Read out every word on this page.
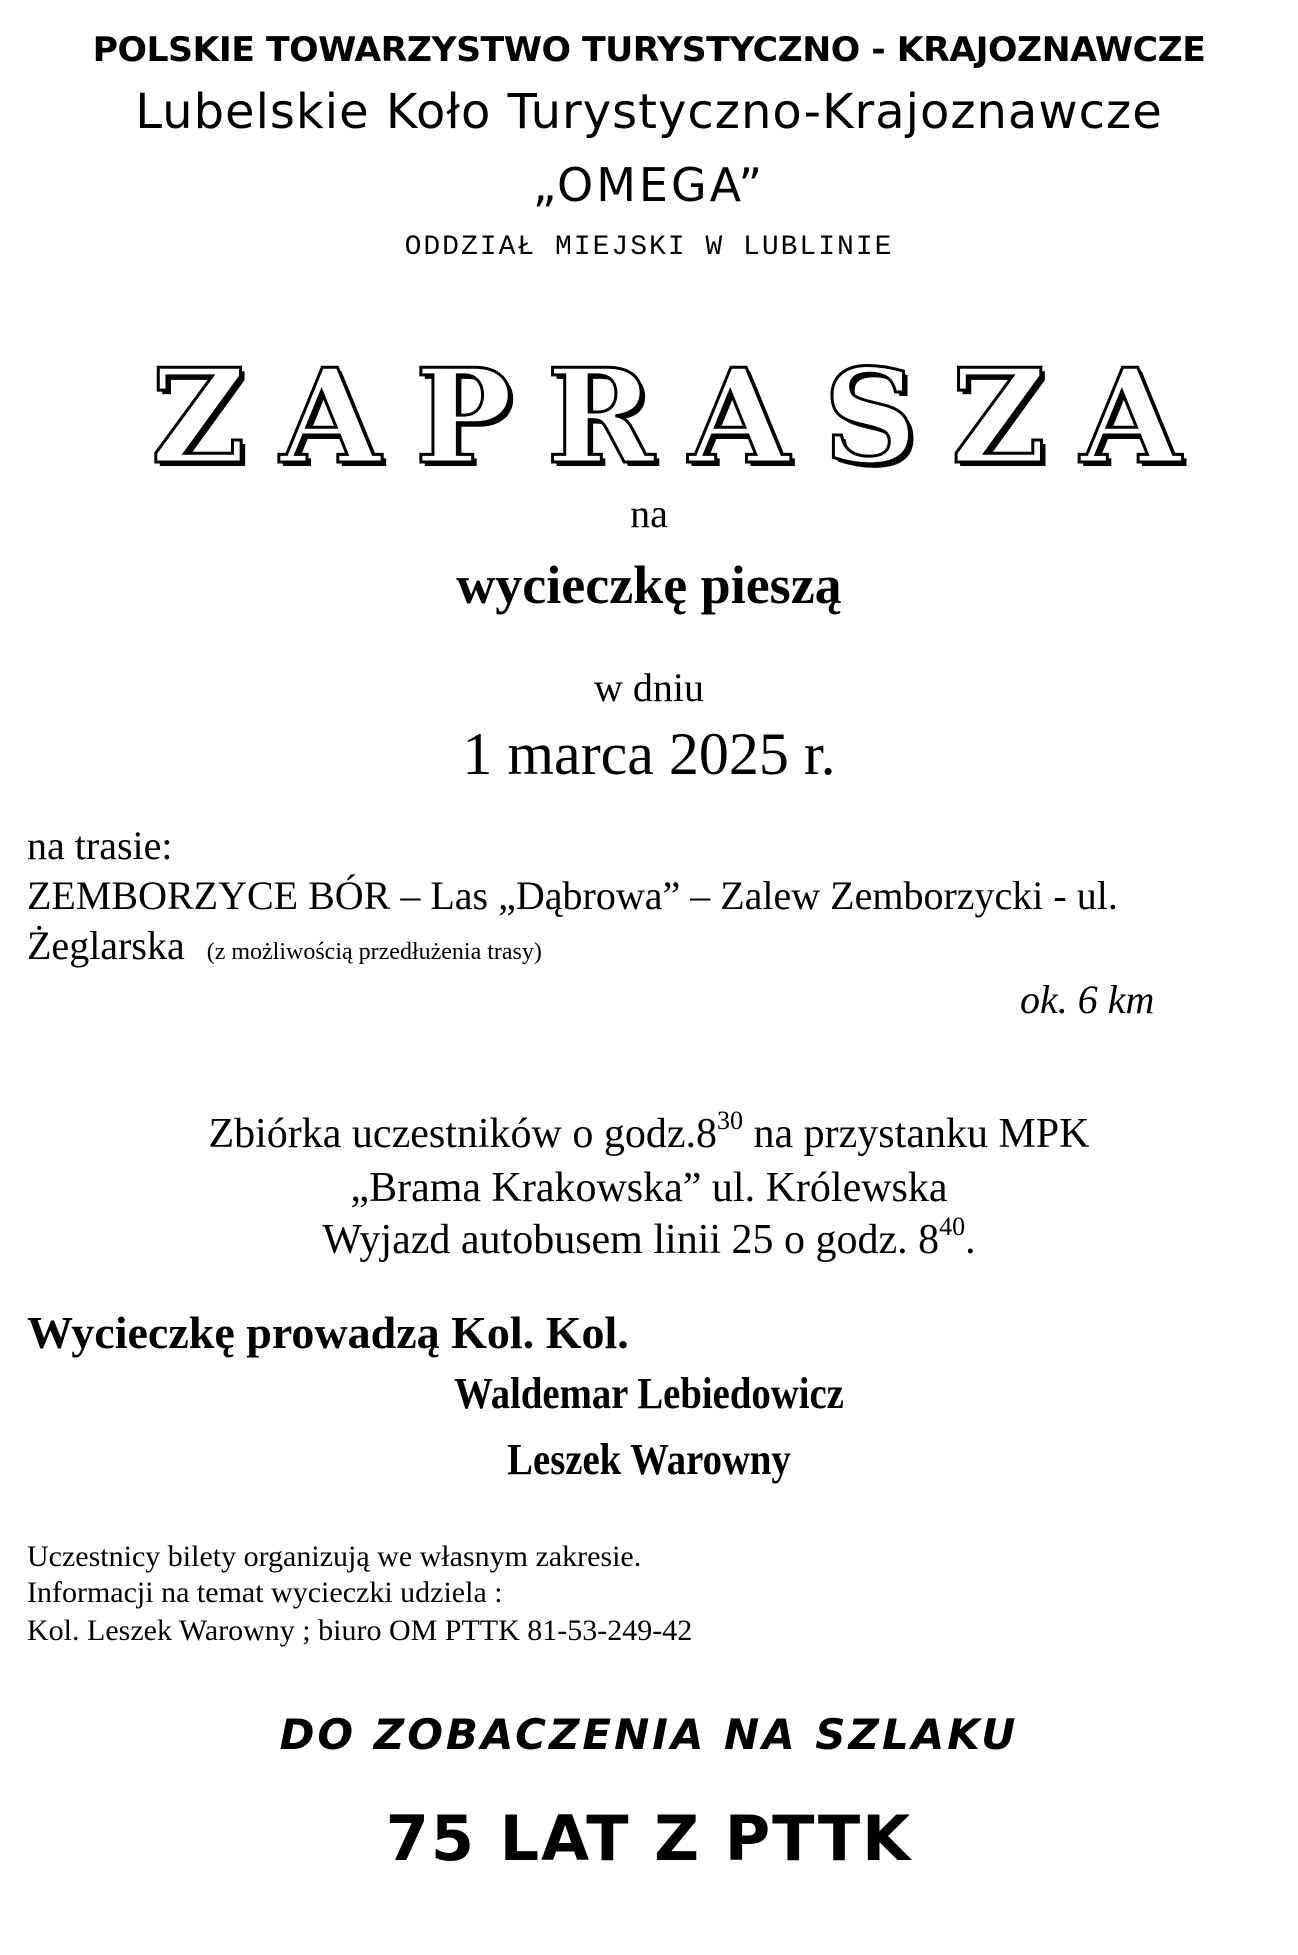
POLSKIE TOWARZYSTWO TURYSTYCZNO - KRAJOZNAWCZE
Lubelskie Koło Turystyczno-Krajoznawcze
„OMEGA”
ODDZIAŁ MIEJSKI W LUBLINIE
ZAPRASZA
na
wycieczkę pieszą
w dniu
1 marca 2025 r.
na trasie:
ZEMBORZYCE BÓR – Las „Dąbrowa” – Zalew Zemborzycki - ul.
Żeglarska (z możliwością przedłużenia trasy)
ok. 6 km
Zbiórka uczestników o $godz.8^{30}$ na przystanku MPK
„Brama Krakowska” ul. Królewska
Wyjazd autobusem linii 25 o godz. $8^{40}$.
Wycieczkę prowadzą Kol. Kol.
Waldemar Lebiedowicz
Leszek Warowny
Uczestnicy bilety organizują we własnym zakresie.
Informacji na temat wycieczki udziela :
Kol. Leszek Warowny ; biuro OM PTTK 81-53-249-42
DO ZOBACZENIA NA SZLAKU
75 LAT Z PTTK
